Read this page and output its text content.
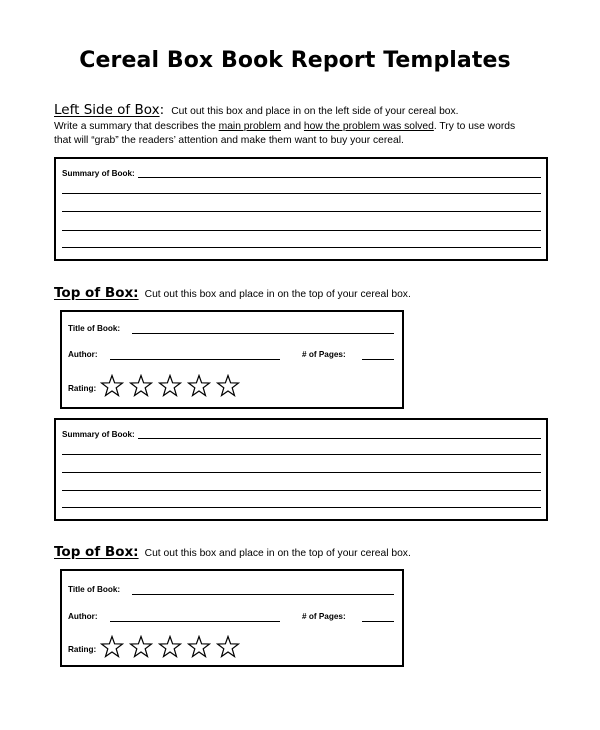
Cereal Box Book Report Templates
Left Side of Box: Cut out this box and place in on the left side of your cereal box.
Write a summary that describes the main problem and how the problem was solved. Try to use words
that will “grab” the readers’ attention and make them want to buy your cereal.
Summary of Book:
Top of Box: Cut out this box and place in on the top of your cereal box.
Title of Book:
Author:	# of Pages:
Rating:
Summary of Book:
Top of Box: Cut out this box and place in on the top of your cereal box.
Title of Book:
Author:	# of Pages:
Rating:
